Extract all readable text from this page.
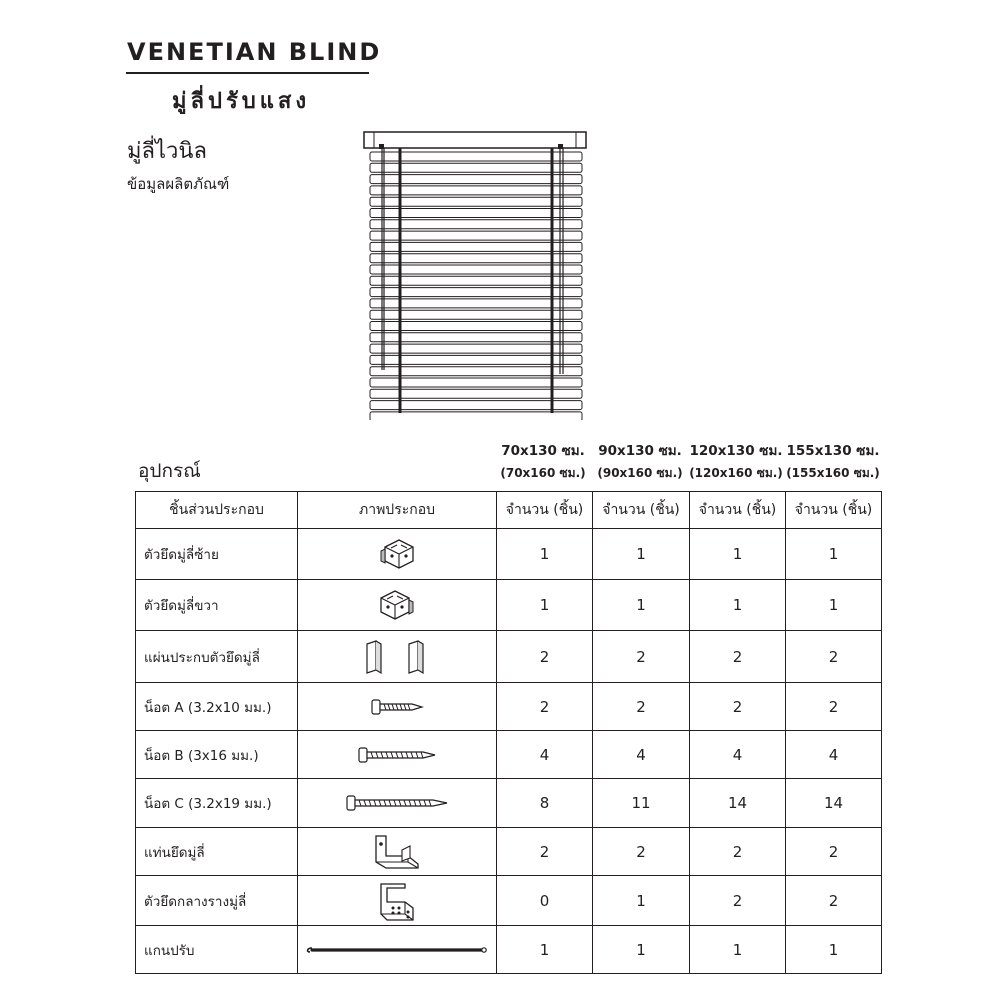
VENETIAN BLIND
มู่ลี่ปรับแสง

มู่ลี่ไวนิล

ข้อมูลผลิตภัณฑ์

อุปกรณ์

70x130 ซม.
(70x160 ซม.)
90x130 ซม.
(90x160 ซม.)
120x130 ซม.
(120x160 ซม.)
155x130 ซม.
(155x160 ซม.)
ชิ้นส่วนประกอบ	ภาพประกอบ	จำนวน (ชิ้น)	จำนวน (ชิ้น)	จำนวน (ชิ้น)	จำนวน (ชิ้น)
ตัวยึดมู่ลี่ซ้าย		1	1	1	1
ตัวยึดมู่ลี่ขวา		1	1	1	1
แผ่นประกบตัวยึดมู่ลี่		2	2	2	2
น็อต A (3.2x10 มม.)		2	2	2	2
น็อต B (3x16 มม.)		4	4	4	4
น็อต C (3.2x19 มม.)		8	11	14	14
แท่นยึดมู่ลี่		2	2	2	2
ตัวยึดกลางรางมู่ลี่		0	1	2	2
แกนปรับ		1	1	1	1
